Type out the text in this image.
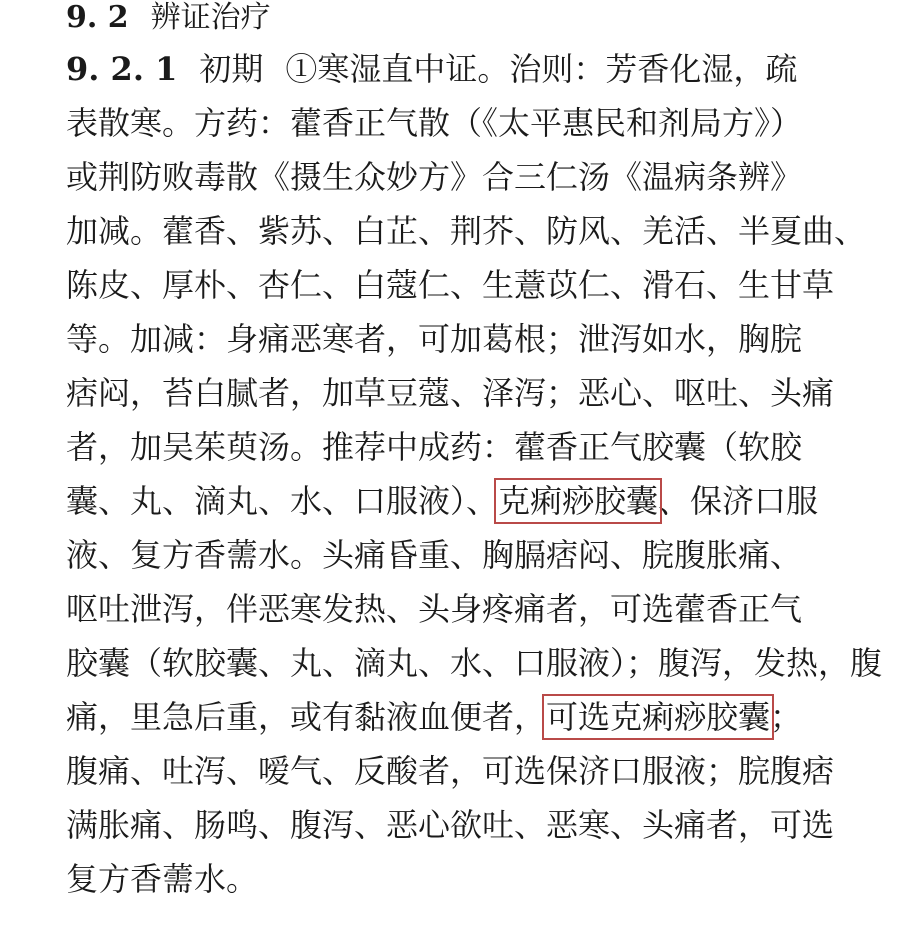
9. 2 辨证治疗
9. 2. 1 初期 ①寒湿直中证。治则：芳香化湿，疏
表散寒。方药：藿香正气散（《太平惠民和剂局方》）
或荆防败毒散《摄生众妙方》合三仁汤《温病条辨》
加减。藿香、紫苏、白芷、荆芥、防风、羌活、半夏曲、
陈皮、厚朴、杏仁、白蔻仁、生薏苡仁、滑石、生甘草
等。加减：身痛恶寒者，可加葛根；泄泻如水，胸脘
痞闷，苔白腻者，加草豆蔻、泽泻；恶心、呕吐、头痛
者，加吴茱萸汤。推荐中成药：藿香正气胶囊（软胶
囊、丸、滴丸、水、口服液）、克痢痧胶囊、保济口服
液、复方香薷水。头痛昏重、胸膈痞闷、脘腹胀痛、
呕吐泄泻，伴恶寒发热、头身疼痛者，可选藿香正气
胶囊（软胶囊、丸、滴丸、水、口服液）；腹泻，发热，腹
痛，里急后重，或有黏液血便者，可选克痢痧胶囊；
腹痛、吐泻、嗳气、反酸者，可选保济口服液；脘腹痞
满胀痛、肠鸣、腹泻、恶心欲吐、恶寒、头痛者，可选
复方香薷水。
